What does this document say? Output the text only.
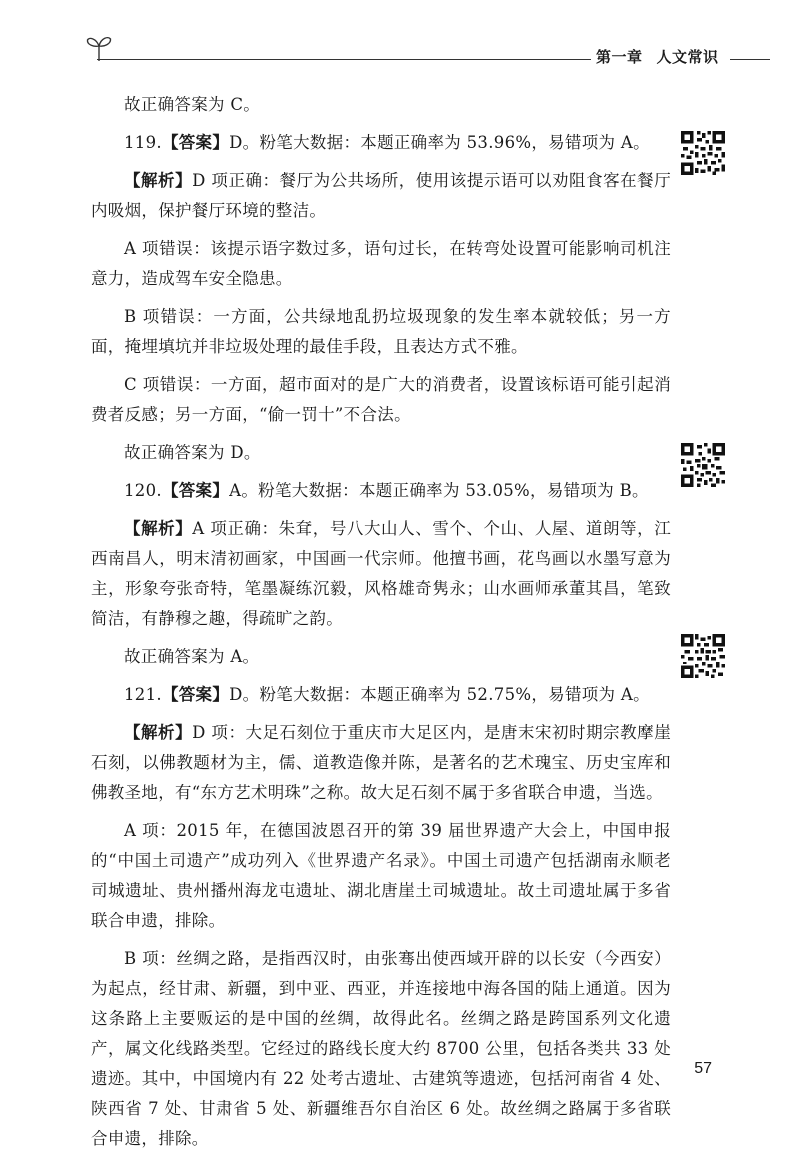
第一章 人文常识

故正确答案为 C。

119.【答案】D。粉笔大数据：本题正确率为 53.96%，易错项为 A。

【解析】D 项正确：餐厅为公共场所，使用该提示语可以劝阻食客在餐厅内吸烟，保护餐厅环境的整洁。

A 项错误：该提示语字数过多，语句过长，在转弯处设置可能影响司机注意力，造成驾车安全隐患。

B 项错误：一方面，公共绿地乱扔垃圾现象的发生率本就较低；另一方面，掩埋填坑并非垃圾处理的最佳手段，且表达方式不雅。

C 项错误：一方面，超市面对的是广大的消费者，设置该标语可能引起消费者反感；另一方面，“偷一罚十”不合法。

故正确答案为 D。

120.【答案】A。粉笔大数据：本题正确率为 53.05%，易错项为 B。

【解析】A 项正确：朱耷，号八大山人、雪个、个山、人屋、道朗等，江西南昌人，明末清初画家，中国画一代宗师。他擅书画，花鸟画以水墨写意为主，形象夸张奇特，笔墨凝练沉毅，风格雄奇隽永；山水画师承董其昌，笔致简洁，有静穆之趣，得疏旷之韵。

故正确答案为 A。

121.【答案】D。粉笔大数据：本题正确率为 52.75%，易错项为 A。

【解析】D 项：大足石刻位于重庆市大足区内，是唐末宋初时期宗教摩崖石刻，以佛教题材为主，儒、道教造像并陈，是著名的艺术瑰宝、历史宝库和佛教圣地，有“东方艺术明珠”之称。故大足石刻不属于多省联合申遗，当选。

A 项：2015 年，在德国波恩召开的第 39 届世界遗产大会上，中国申报的“中国土司遗产”成功列入《世界遗产名录》。中国土司遗产包括湖南永顺老司城遗址、贵州播州海龙屯遗址、湖北唐崖土司城遗址。故土司遗址属于多省联合申遗，排除。

B 项：丝绸之路，是指西汉时，由张骞出使西域开辟的以长安（今西安）为起点，经甘肃、新疆，到中亚、西亚，并连接地中海各国的陆上通道。因为这条路上主要贩运的是中国的丝绸，故得此名。丝绸之路是跨国系列文化遗产，属文化线路类型。它经过的路线长度大约 8700 公里，包括各类共 33 处遗迹。其中，中国境内有 22 处考古遗址、古建筑等遗迹，包括河南省 4 处、陕西省 7 处、甘肃省 5 处、新疆维吾尔自治区 6 处。故丝绸之路属于多省联合申遗，排除。

57
